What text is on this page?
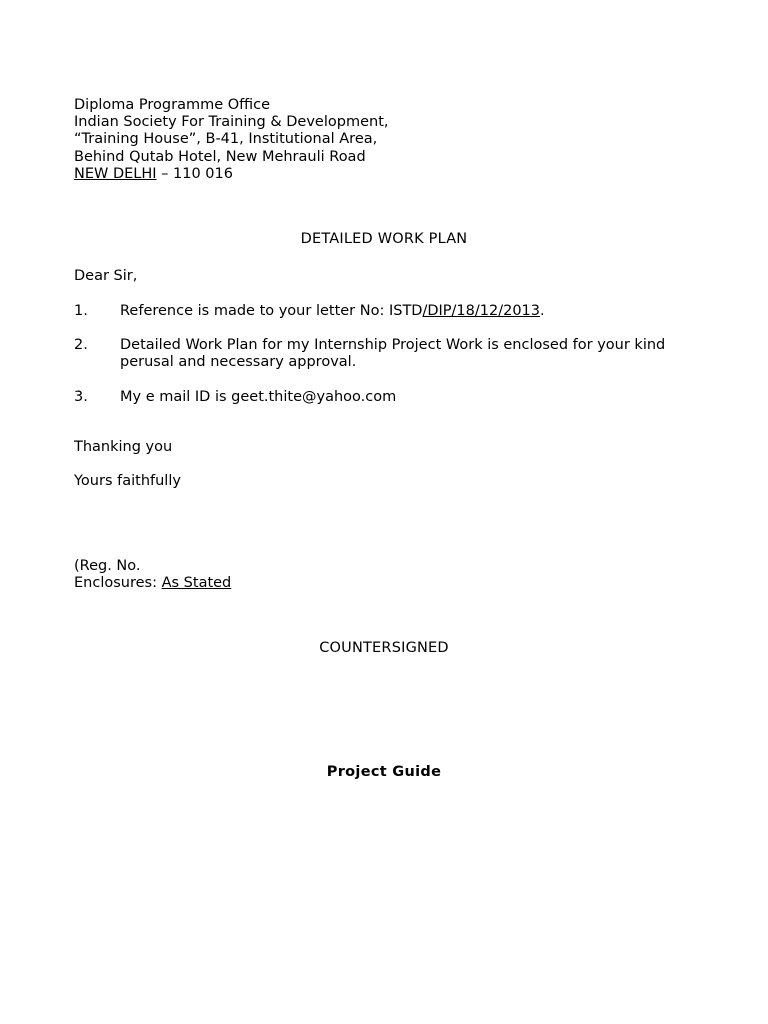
Diploma Programme Office
Indian Society For Training & Development,
“Training House”, B-41, Institutional Area,
Behind Qutab Hotel, New Mehrauli Road
NEW DELHI – 110 016
DETAILED WORK PLAN
Dear Sir,
1.	Reference is made to your letter No: ISTD/DIP/18/12/2013.
2.	Detailed Work Plan for my Internship Project Work is enclosed for your kind perusal and necessary approval.
3.	My e mail ID is geet.thite@yahoo.com
Thanking you
Yours faithfully
(Reg. No.
Enclosures: As Stated
COUNTERSIGNED
Project Guide
